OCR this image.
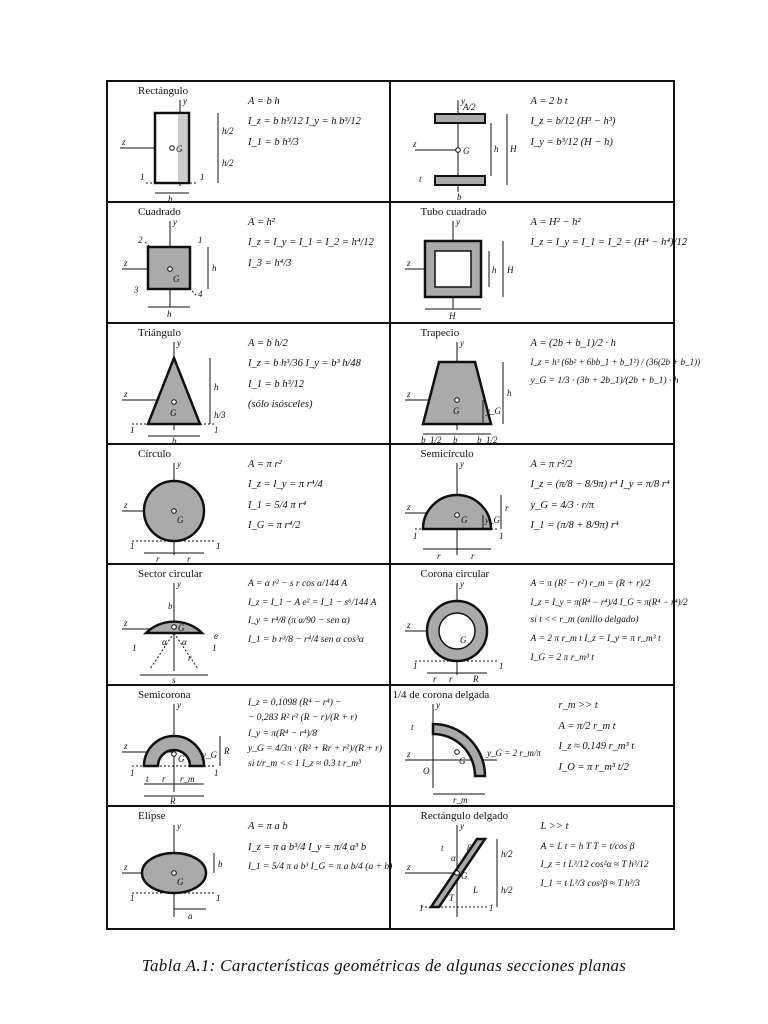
Rectángulo
y
z
G
h/2
h/2
1	1
b

A = b h

I_z = b h³/12 I_y = h b³/12

I_1 = b h³/3

y
A/2
z
G	h H
t
b

A = 2 b t

I_z = b/12 (H³ − h³)

I_y = b³/12 (H − h)

Cuadrado
y
2	1
z
G
h
3	4
h

A = h²

I_z = I_y = I_1 = I_2 = h⁴/12

I_3 = h⁴/3

Tubo cuadrado
y
z
h H
H

A = H² − h²

I_z = I_y = I_1 = I_2 = (H⁴ − h⁴)/12

Triángulo
y
z
G
h
h/3
1	1
b

A = b h/2

I_z = b h³/36 I_y = b³ h/48

I_1 = b h³/12

(sólo isósceles)

Trapecio
y
z
G
h
y_G
b
b_1/2	b_1/2

A = (2b + b_1)/2 · h

I_z = h³ (6b² + 6bb_1 + b_1²) / (36(2b + b_1))

y_G = 1/3 · (3b + 2b_1)/(2b + b_1) · h

Círculo
y
z
G
1	1
r	r

A = π r²

I_z = I_y = π r⁴/4

I_1 = 5/4 π r⁴

I_G = π r⁴/2

Semicírculo
y
z
G
r
y_G
1	1
r	r

A = π r²/2

I_z = (π/8 − 8/9π) r⁴ I_y = π/8 r⁴

y_G = 4/3 · r/π

I_1 = (π/8 + 8/9π) r⁴

Sector circular
y
b
z	G
α α
e
1	1
r
s

A = α r² − s r cos α/144 A

I_z = I_1 − A e² = I_1 − s⁶/144 A

I_y = r⁴/8 (π α/90 − sen α)

I_1 = b r³/8 − r⁴/4 sen α cos³α

Corona circular
y
z
G
1	1
r r R

A = π (R² − r²) r_m = (R + r)/2

I_z = I_y = π(R⁴ − r⁴)/4 I_G = π(R⁴ − r⁴)/2

si t << r_m (anillo delgado)

A = 2 π r_m t I_z = I_y = π r_m³ t

I_G = 2 π r_m³ t

Semicorona
y
z
G y_G R
1	1
t r r_m
R

I_z = 0,1098 (R⁴ − r⁴) −

− 0,283 R² r² (R − r)/(R + r)

I_y = π(R⁴ − r⁴)/8

y_G = 4/3π · (R² + Rr + r²)/(R + r)

si t/r_m << 1 I_z ≈ 0.3 t r_m³

1/4 de corona delgada
y
t
z
G
y_G = 2 r_m/π
O
r_m

r_m >> t

A = π/2 r_m t

I_z ≈ 0.149 r_m³ t

I_O = π r_m³ t/2

Elipse
y
z
G
b
1	1
a

A = π a b

I_z = π a b³/4 I_y = π/4 a³ b

I_1 = 5/4 π a b³ I_G = π a b/4 (a + b)

Rectángulo delgado
y
z
G
h/2
h/2
1	1
T
t
L
β
α

L >> t

A = L t = h T T = t/cos β

I_z = t L³/12 cos²α ≈ T h³/12

I_1 = t L³/3 cos²β ≈ T h³/3

Tabla A.1: Características geométricas de algunas secciones planas
